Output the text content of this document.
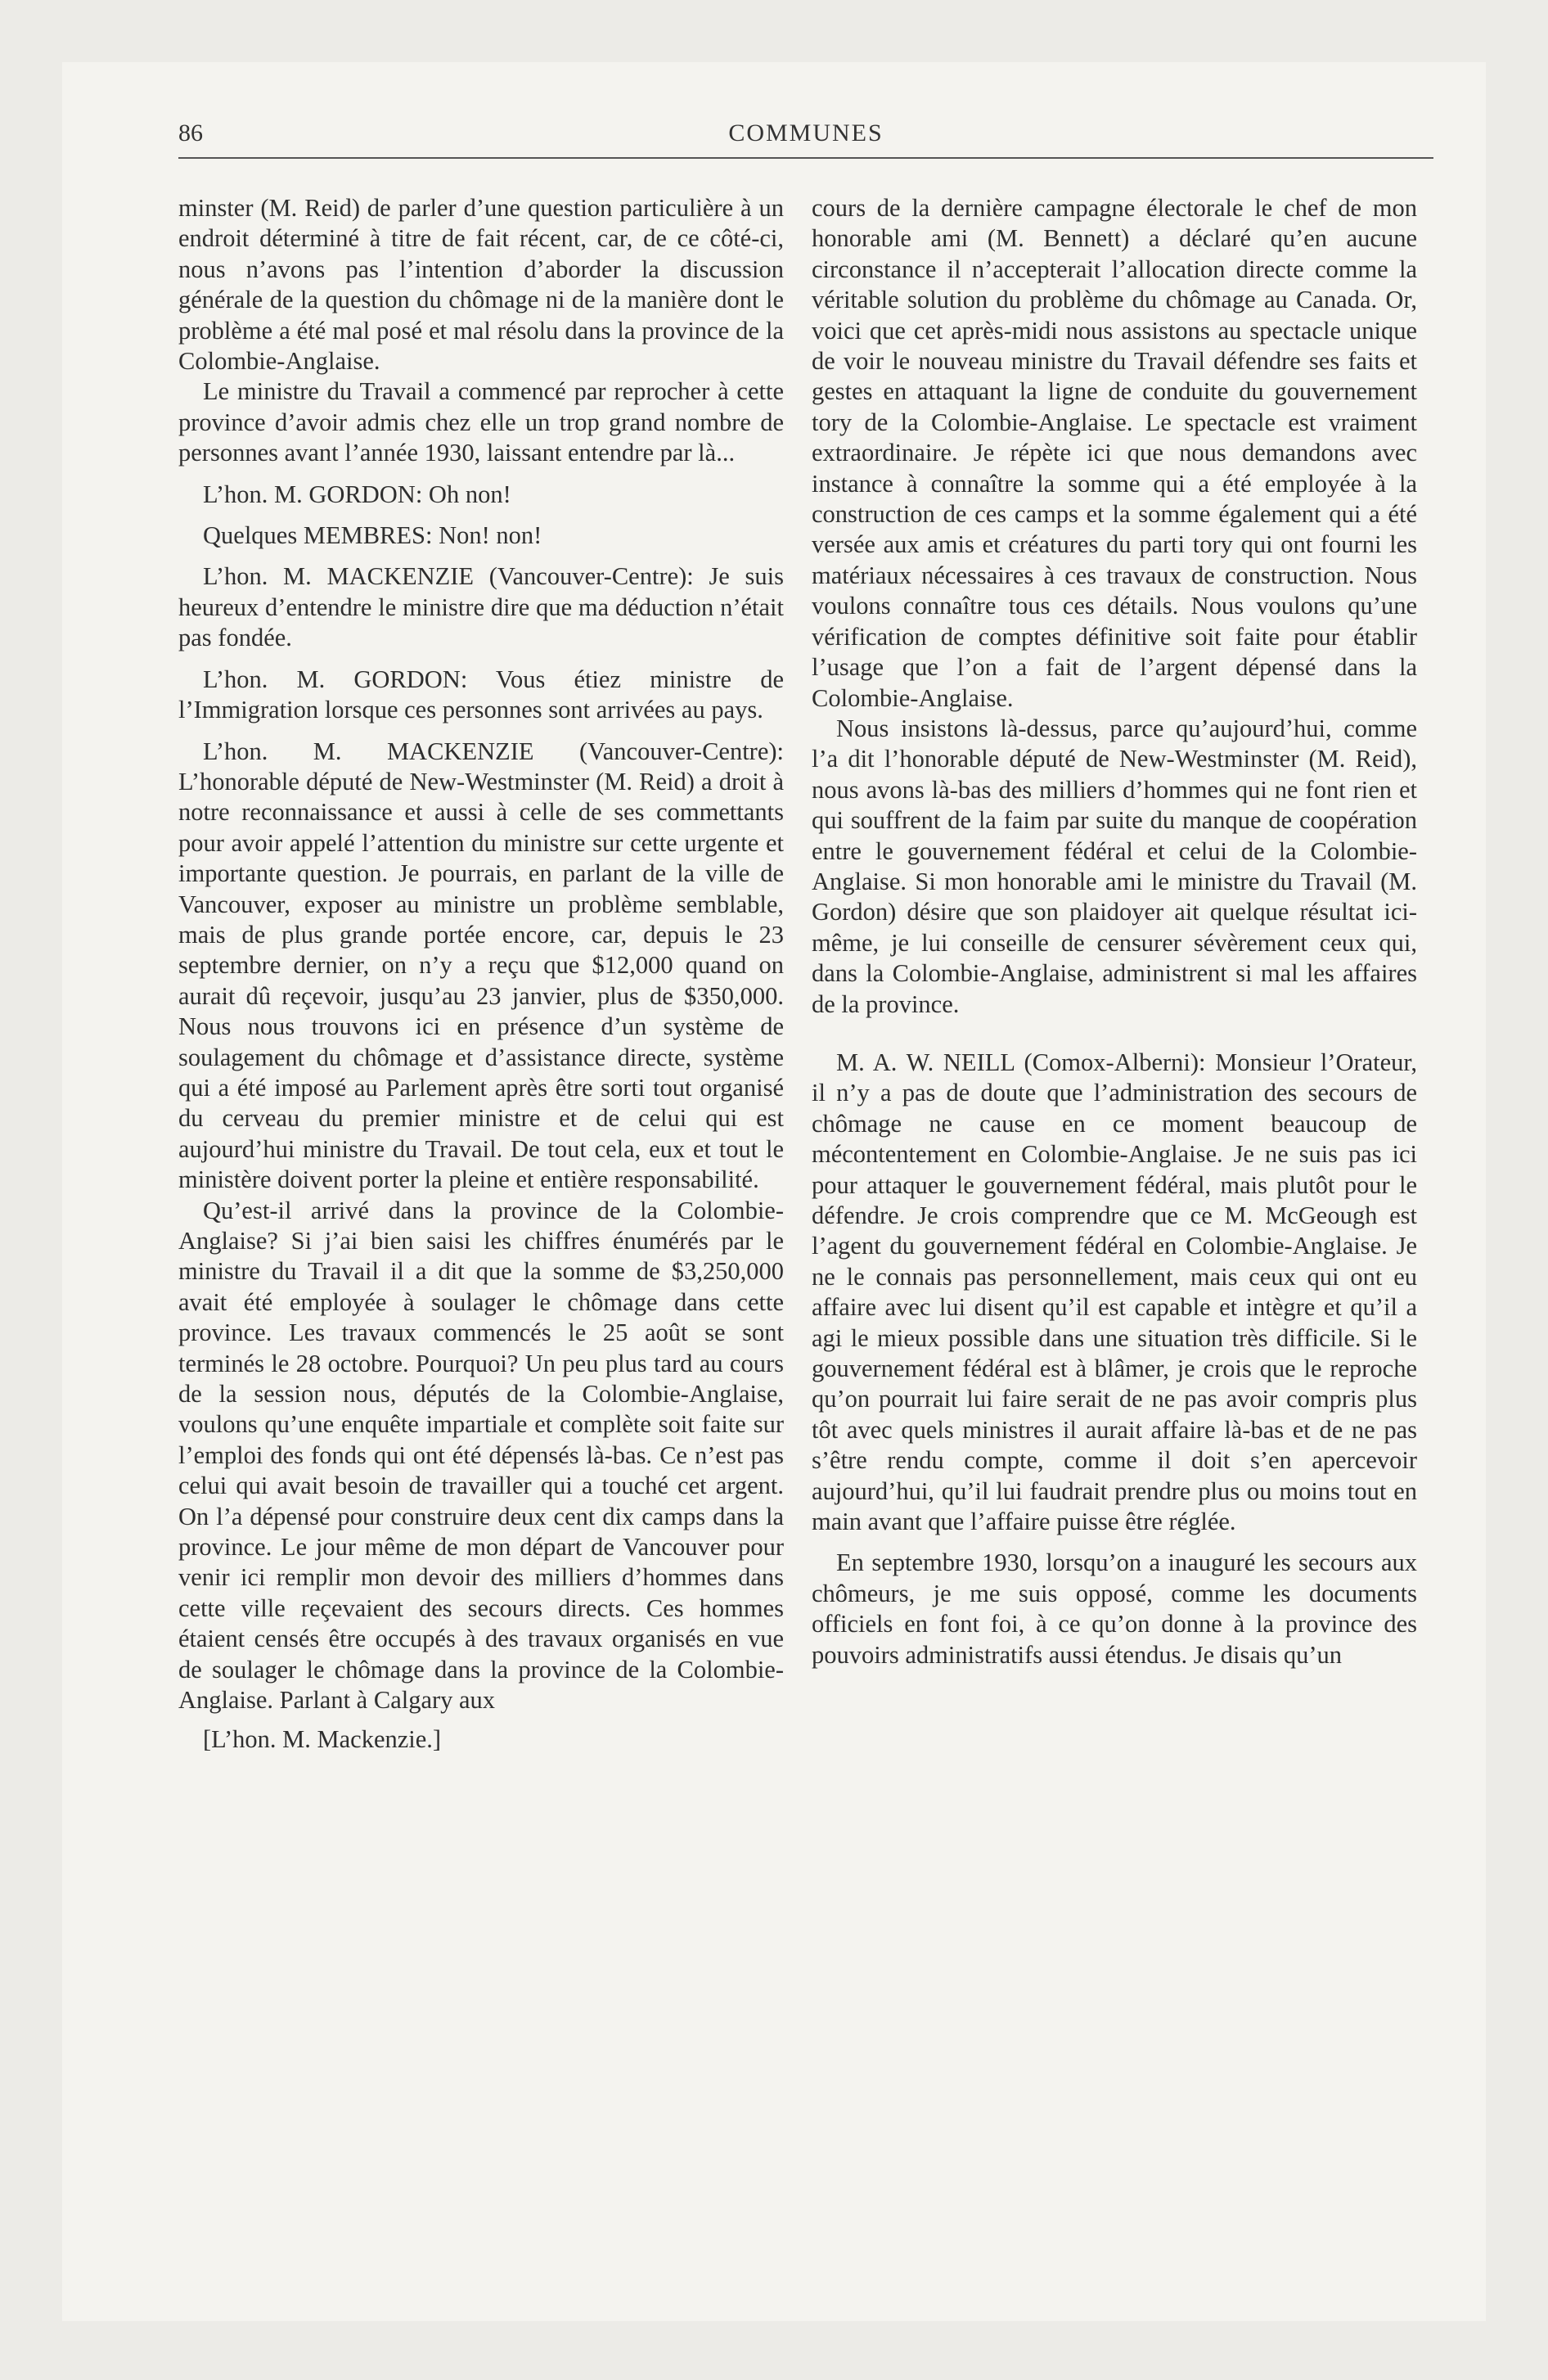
86	COMMUNES

minster (M. Reid) de parler d’une question particulière à un endroit déterminé à titre de fait récent, car, de ce côté-ci, nous n’avons pas l’intention d’aborder la discussion générale de la question du chômage ni de la manière dont le problème a été mal posé et mal résolu dans la province de la Colombie-Anglaise.

Le ministre du Travail a commencé par reprocher à cette province d’avoir admis chez elle un trop grand nombre de personnes avant l’année 1930, laissant entendre par là...

L’hon. M. GORDON: Oh non!

Quelques MEMBRES: Non! non!

L’hon. M. MACKENZIE (Vancouver-Centre): Je suis heureux d’entendre le ministre dire que ma déduction n’était pas fondée.

L’hon. M. GORDON: Vous étiez ministre de l’Immigration lorsque ces personnes sont arrivées au pays.

L’hon. M. MACKENZIE (Vancouver-Centre): L’honorable député de New-Westminster (M. Reid) a droit à notre reconnaissance et aussi à celle de ses commettants pour avoir appelé l’attention du ministre sur cette urgente et importante question. Je pourrais, en parlant de la ville de Vancouver, exposer au ministre un problème semblable, mais de plus grande portée encore, car, depuis le 23 septembre dernier, on n’y a reçu que $12,000 quand on aurait dû reçevoir, jusqu’au 23 janvier, plus de $350,000. Nous nous trouvons ici en présence d’un système de soulagement du chômage et d’assistance directe, système qui a été imposé au Parlement après être sorti tout organisé du cerveau du premier ministre et de celui qui est aujourd’hui ministre du Travail. De tout cela, eux et tout le ministère doivent porter la pleine et entière responsabilité.

Qu’est-il arrivé dans la province de la Colombie-Anglaise? Si j’ai bien saisi les chiffres énumérés par le ministre du Travail il a dit que la somme de $3,250,000 avait été employée à soulager le chômage dans cette province. Les travaux commencés le 25 août se sont terminés le 28 octobre. Pourquoi? Un peu plus tard au cours de la session nous, députés de la Colombie-Anglaise, voulons qu’une enquête impartiale et complète soit faite sur l’emploi des fonds qui ont été dépensés là-bas. Ce n’est pas celui qui avait besoin de travailler qui a touché cet argent. On l’a dépensé pour construire deux cent dix camps dans la province. Le jour même de mon départ de Vancouver pour venir ici remplir mon devoir des milliers d’hommes dans cette ville reçevaient des secours directs. Ces hommes étaient censés être occupés à des travaux organisés en vue de soulager le chômage dans la province de la Colombie-Anglaise. Parlant à Calgary aux

[L’hon. M. Mackenzie.]

cours de la dernière campagne électorale le chef de mon honorable ami (M. Bennett) a déclaré qu’en aucune circonstance il n’accepterait l’allocation directe comme la véritable solution du problème du chômage au Canada. Or, voici que cet après-midi nous assistons au spectacle unique de voir le nouveau ministre du Travail défendre ses faits et gestes en attaquant la ligne de conduite du gouvernement tory de la Colombie-Anglaise. Le spectacle est vraiment extraordinaire. Je répète ici que nous demandons avec instance à connaître la somme qui a été employée à la construction de ces camps et la somme également qui a été versée aux amis et créatures du parti tory qui ont fourni les matériaux nécessaires à ces travaux de construction. Nous voulons connaître tous ces détails. Nous voulons qu’une vérification de comptes définitive soit faite pour établir l’usage que l’on a fait de l’argent dépensé dans la Colombie-Anglaise.

Nous insistons là-dessus, parce qu’aujourd’hui, comme l’a dit l’honorable député de New-Westminster (M. Reid), nous avons là-bas des milliers d’hommes qui ne font rien et qui souffrent de la faim par suite du manque de coopération entre le gouvernement fédéral et celui de la Colombie-Anglaise. Si mon honorable ami le ministre du Travail (M. Gordon) désire que son plaidoyer ait quelque résultat ici-même, je lui conseille de censurer sévèrement ceux qui, dans la Colombie-Anglaise, administrent si mal les affaires de la province.

M. A. W. NEILL (Comox-Alberni): Monsieur l’Orateur, il n’y a pas de doute que l’administration des secours de chômage ne cause en ce moment beaucoup de mécontentement en Colombie-Anglaise. Je ne suis pas ici pour attaquer le gouvernement fédéral, mais plutôt pour le défendre. Je crois comprendre que ce M. McGeough est l’agent du gouvernement fédéral en Colombie-Anglaise. Je ne le connais pas personnellement, mais ceux qui ont eu affaire avec lui disent qu’il est capable et intègre et qu’il a agi le mieux possible dans une situation très difficile. Si le gouvernement fédéral est à blâmer, je crois que le reproche qu’on pourrait lui faire serait de ne pas avoir compris plus tôt avec quels ministres il aurait affaire là-bas et de ne pas s’être rendu compte, comme il doit s’en apercevoir aujourd’hui, qu’il lui faudrait prendre plus ou moins tout en main avant que l’affaire puisse être réglée.

En septembre 1930, lorsqu’on a inauguré les secours aux chômeurs, je me suis opposé, comme les documents officiels en font foi, à ce qu’on donne à la province des pouvoirs administratifs aussi étendus. Je disais qu’un
